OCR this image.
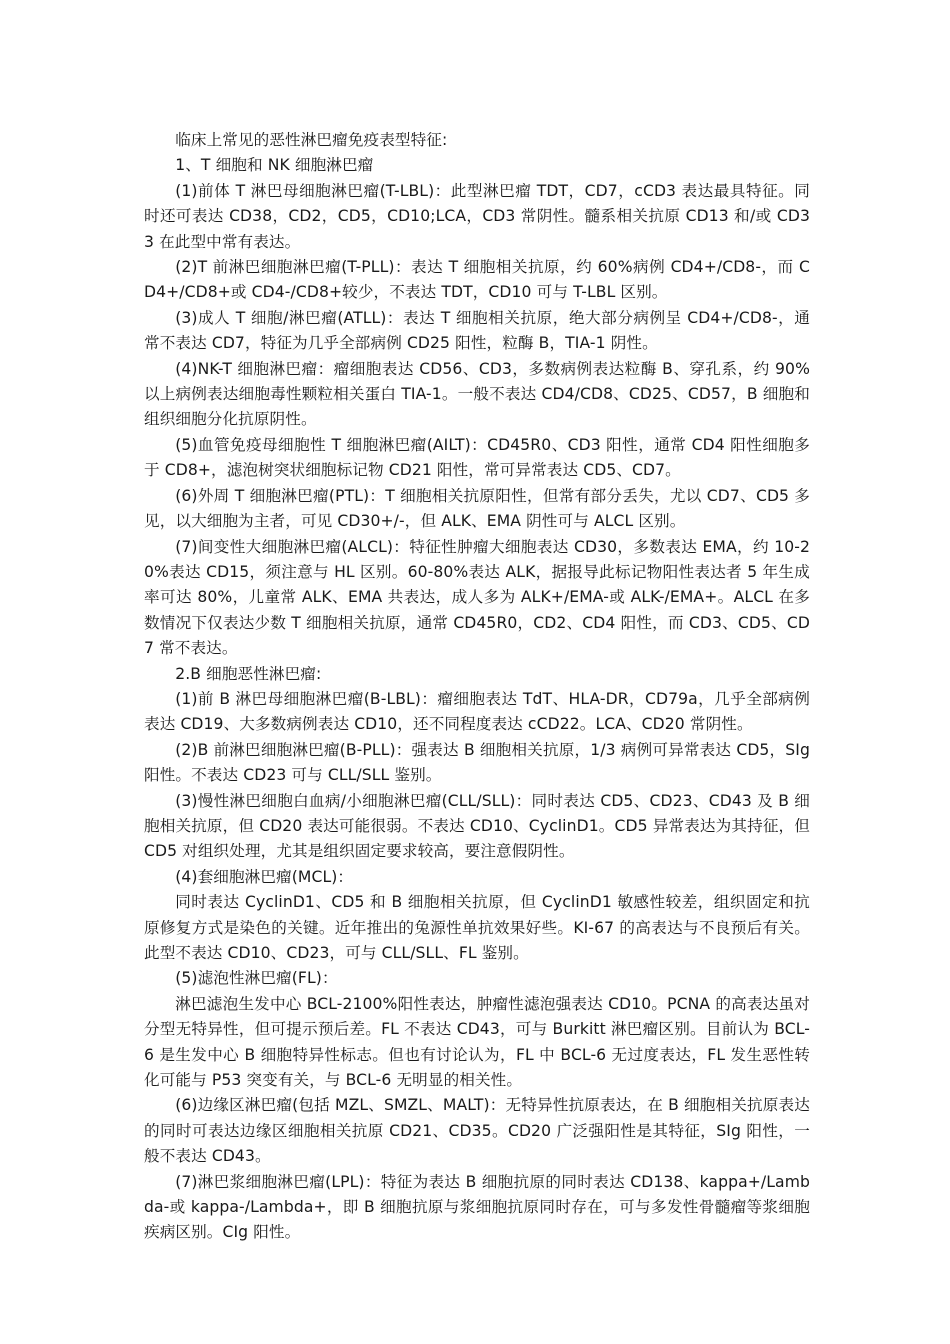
临床上常见的恶性淋巴瘤免疫表型特征:

1、T 细胞和 NK 细胞淋巴瘤

(1)前体 T 淋巴母细胞淋巴瘤(T-LBL)：此型淋巴瘤 TDT，CD7，cCD3 表达最具特征。同时还可表达 CD38，CD2，CD5，CD10;LCA，CD3 常阴性。髓系相关抗原 CD13 和/或 CD33 在此型中常有表达。

(2)T 前淋巴细胞淋巴瘤(T-PLL)：表达 T 细胞相关抗原，约 60%病例 CD4+/CD8-，而 CD4+/CD8+或 CD4-/CD8+较少，不表达 TDT，CD10 可与 T-LBL 区别。

(3)成人 T 细胞/淋巴瘤(ATLL)：表达 T 细胞相关抗原，绝大部分病例呈 CD4+/CD8-，通常不表达 CD7，特征为几乎全部病例 CD25 阳性，粒酶 B，TIA-1 阴性。

(4)NK-T 细胞淋巴瘤：瘤细胞表达 CD56、CD3，多数病例表达粒酶 B、穿孔系，约 90% 以上病例表达细胞毒性颗粒相关蛋白 TIA-1。一般不表达 CD4/CD8、CD25、CD57，B 细胞和组织细胞分化抗原阴性。

(5)血管免疫母细胞性 T 细胞淋巴瘤(AILT)：CD45R0、CD3 阳性，通常 CD4 阳性细胞多于 CD8+，滤泡树突状细胞标记物 CD21 阳性，常可异常表达 CD5、CD7。

(6)外周 T 细胞淋巴瘤(PTL)：T 细胞相关抗原阳性，但常有部分丢失，尤以 CD7、CD5 多见，以大细胞为主者，可见 CD30+/-，但 ALK、EMA 阴性可与 ALCL 区别。

(7)间变性大细胞淋巴瘤(ALCL)：特征性肿瘤大细胞表达 CD30，多数表达 EMA，约 10-20%表达 CD15，须注意与 HL 区别。60-80%表达 ALK，据报导此标记物阳性表达者 5 年生成率可达 80%，儿童常 ALK、EMA 共表达，成人多为 ALK+/EMA-或 ALK-/EMA+。ALCL 在多数情况下仅表达少数 T 细胞相关抗原，通常 CD45R0，CD2、CD4 阳性，而 CD3、CD5、CD7 常不表达。

2.B 细胞恶性淋巴瘤:

(1)前 B 淋巴母细胞淋巴瘤(B-LBL)：瘤细胞表达 TdT、HLA-DR，CD79a，几乎全部病例表达 CD19、大多数病例表达 CD10，还不同程度表达 cCD22。LCA、CD20 常阴性。

(2)B 前淋巴细胞淋巴瘤(B-PLL)：强表达 B 细胞相关抗原，1/3 病例可异常表达 CD5，SIg 阳性。不表达 CD23 可与 CLL/SLL 鉴别。

(3)慢性淋巴细胞白血病/小细胞淋巴瘤(CLL/SLL)：同时表达 CD5、CD23、CD43 及 B 细胞相关抗原，但 CD20 表达可能很弱。不表达 CD10、CyclinD1。CD5 异常表达为其持征，但 CD5 对组织处理，尤其是组织固定要求较高，要注意假阴性。

(4)套细胞淋巴瘤(MCL)：

同时表达 CyclinD1、CD5 和 B 细胞相关抗原，但 CyclinD1 敏感性较差，组织固定和抗原修复方式是染色的关键。近年推出的兔源性单抗效果好些。KI-67 的高表达与不良预后有关。此型不表达 CD10、CD23，可与 CLL/SLL、FL 鉴别。

(5)滤泡性淋巴瘤(FL)：

淋巴滤泡生发中心 BCL-2100%阳性表达，肿瘤性滤泡强表达 CD10。PCNA 的高表达虽对分型无特异性，但可提示预后差。FL 不表达 CD43，可与 Burkitt 淋巴瘤区别。目前认为 BCL-6 是生发中心 B 细胞特异性标志。但也有讨论认为，FL 中 BCL-6 无过度表达，FL 发生恶性转化可能与 P53 突变有关，与 BCL-6 无明显的相关性。

(6)边缘区淋巴瘤(包括 MZL、SMZL、MALT)：无特异性抗原表达，在 B 细胞相关抗原表达的同时可表达边缘区细胞相关抗原 CD21、CD35。CD20 广泛强阳性是其特征，SIg 阳性，一般不表达 CD43。

(7)淋巴浆细胞淋巴瘤(LPL)：特征为表达 B 细胞抗原的同时表达 CD138、kappa+/Lambda-或 kappa-/Lambda+，即 B 细胞抗原与浆细胞抗原同时存在，可与多发性骨髓瘤等浆细胞疾病区别。CIg 阳性。
